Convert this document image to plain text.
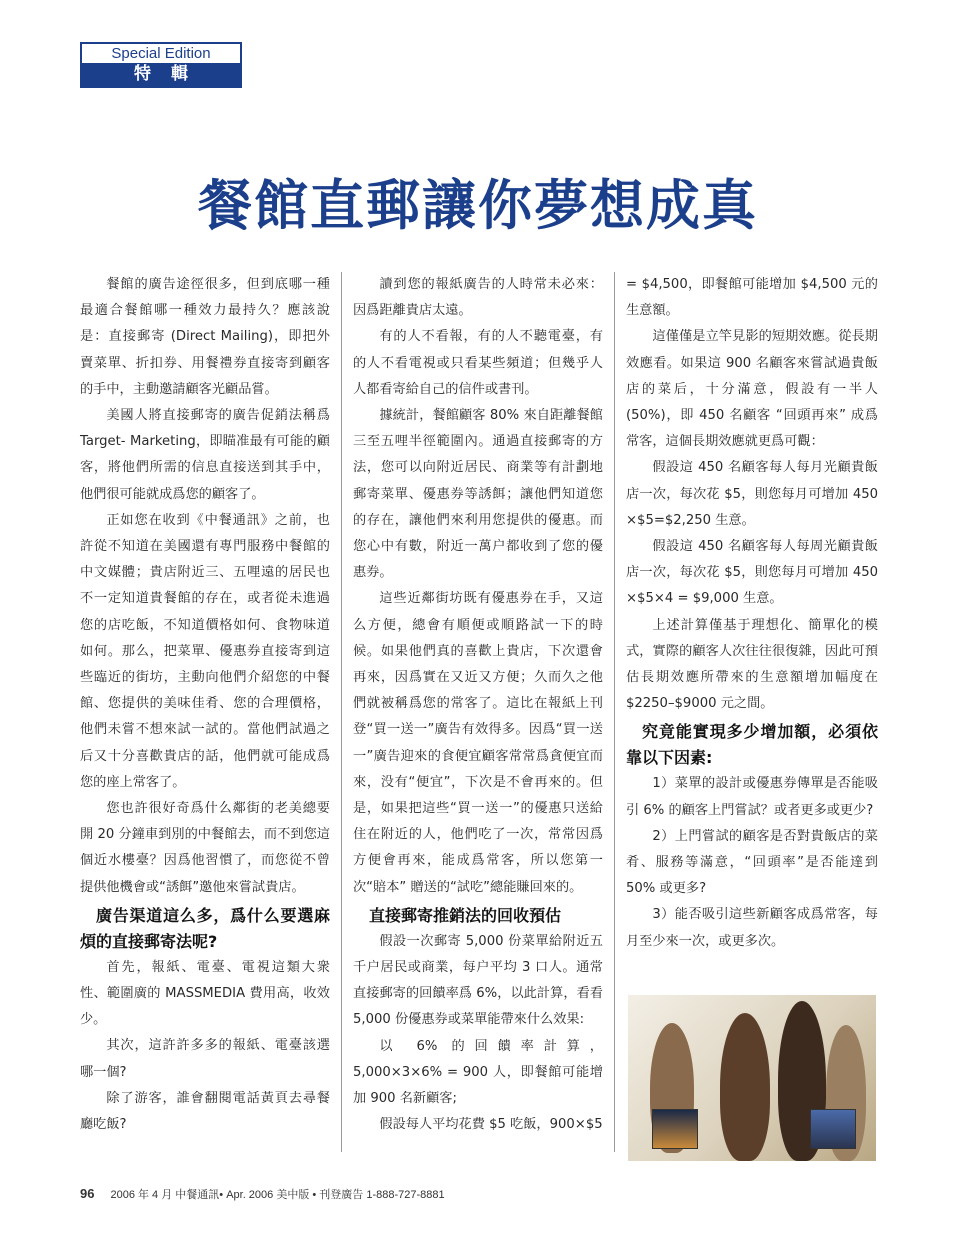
Special Edition
特輯
餐館直郵讓你夢想成真

餐館的廣告途徑很多，但到底哪一種最適合餐館哪一種效力最持久？應該說是：直接郵寄 (Direct Mailing)，即把外賣菜單、折扣券、用餐禮券直接寄到顧客的手中，主動邀請顧客光顧品嘗。

美國人將直接郵寄的廣告促銷法稱爲 Target- Marketing，即瞄准最有可能的顧客，將他們所需的信息直接送到其手中，他們很可能就成爲您的顧客了。

正如您在收到《中餐通訊》之前，也許從不知道在美國還有專門服務中餐館的中文媒體；貴店附近三、五哩遠的居民也不一定知道貴餐館的存在，或者從未進過您的店吃飯，不知道價格如何、食物味道如何。那么，把菜單、優惠券直接寄到這些臨近的街坊，主動向他們介紹您的中餐館、您提供的美味佳肴、您的合理價格，他們未嘗不想來試一試的。當他們試過之后又十分喜歡貴店的話，他們就可能成爲您的座上常客了。

您也許很好奇爲什么鄰街的老美總要開 20 分鐘車到別的中餐館去，而不到您這個近水樓臺？因爲他習慣了，而您從不曾提供他機會或“誘餌”邀他來嘗試貴店。

廣告渠道這么多，爲什么要選麻煩的直接郵寄法呢?

首先，報紙、電臺、電視這類大衆性、範圍廣的 MASSMEDIA 費用高，收效少。

其次，這許許多多的報紙、電臺該選哪一個?

除了游客，誰會翻閱電話黃頁去尋餐廳吃飯?

讀到您的報紙廣告的人時常未必來：因爲距離貴店太遠。

有的人不看報，有的人不聽電臺，有的人不看電視或只看某些頻道；但幾乎人人都看寄給自己的信件或書刊。

據統計，餐館顧客 80% 來自距離餐館三至五哩半徑範圍內。通過直接郵寄的方法，您可以向附近居民、商業等有計劃地郵寄菜單、優惠券等誘餌；讓他們知道您的存在，讓他們來利用您提供的優惠。而您心中有數，附近一萬户都收到了您的優惠券。

這些近鄰街坊既有優惠券在手，又這么方便，總會有順便或順路試一下的時候。如果他們真的喜歡上貴店，下次還會再來，因爲實在又近又方便；久而久之他們就被稱爲您的常客了。這比在報紙上刊登“買一送一”廣告有效得多。因爲“買一送一”廣告迎來的食便宜顧客常常爲貪便宜而來，没有“便宜”，下次是不會再來的。但是，如果把這些“買一送一”的優惠只送給住在附近的人，他們吃了一次，常常因爲方便會再來，能成爲常客，所以您第一次“賠本” 贈送的“試吃”總能賺回來的。

直接郵寄推銷法的回收預估

假設一次郵寄 5,000 份菜單給附近五千户居民或商業，每户平均 3 口人。通常直接郵寄的回饋率爲 6%，以此計算，看看 5,000 份優惠券或菜單能帶來什么效果:

以 6% 的回饋率計算，5,000×3×6% = 900 人，即餐館可能增加 900 名新顧客;

假設每人平均花費 $5 吃飯，900×$5

= $4,500，即餐館可能增加 $4,500 元的生意額。

這僅僅是立竿見影的短期效應。從長期效應看。如果這 900 名顧客來嘗試過貴飯店的菜后，十分滿意，假設有一半人 (50%)，即 450 名顧客 “回頭再來” 成爲常客，這個長期效應就更爲可觀：

假設這 450 名顧客每人每月光顧貴飯店一次，每次花 $5，則您每月可增加 450 ×$5=$2,250 生意。

假設這 450 名顧客每人每周光顧貴飯店一次，每次花 $5，則您每月可增加 450 ×$5×4 = $9,000 生意。

上述計算僅基于理想化、簡單化的模式，實際的顧客人次往往很復雜，因此可預估長期效應所帶來的生意額增加幅度在 $2250–$9000 元之間。

究竟能實現多少增加額，必須依靠以下因素:

1）菜單的設計或優惠券傳單是否能吸引 6% 的顧客上門嘗試？或者更多或更少?

2）上門嘗試的顧客是否對貴飯店的菜肴、服務等滿意，“回頭率”是否能達到 50% 或更多?

3）能否吸引這些新顧客成爲常客，每月至少來一次，或更多次。

96 2006 年 4 月 中餐通訊• Apr. 2006 美中版 • 刊登廣告 1-888-727-8881
